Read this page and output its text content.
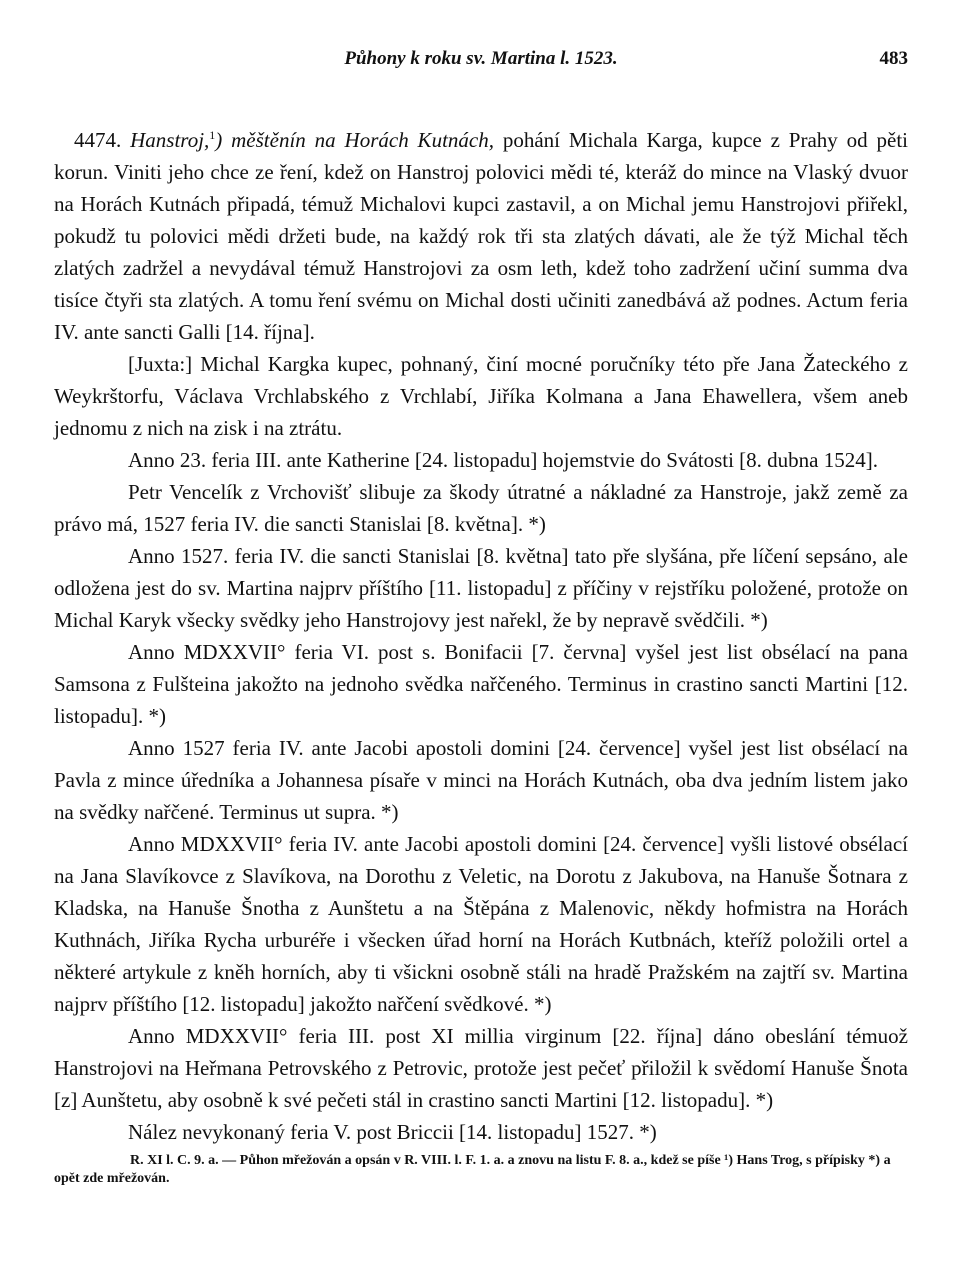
Půhony k roku sv. Martina l. 1523.	483

4474. Hanstroj,$^1$) měštěnín na Horách Kutnách, pohání Michala Karga, kupce z Prahy od pěti korun. Viniti jeho chce ze ření, kdež on Hanstroj polovici mědi té, kteráž do mince na Vlaský dvuor na Horách Kutnách připadá, témuž Michalovi kupci zastavil, a on Michal jemu Hanstrojovi přiřekl, pokudž tu polovici mědi držeti bude, na každý rok tři sta zlatých dávati, ale že týž Michal těch zlatých zadržel a nevydával témuž Hanstrojovi za osm leth, kdež toho zadržení učiní summa dva tisíce čtyři sta zlatých. A tomu ření svému on Michal dosti učiniti zanedbává až podnes. Actum feria IV. ante sancti Galli [14. října].

[Juxta:] Michal Kargka kupec, pohnaný, činí mocné poručníky této pře Jana Žateckého z Weykrštorfu, Václava Vrchlabského z Vrchlabí, Jiříka Kolmana a Jana Ehawellera, všem aneb jednomu z nich na zisk i na ztrátu.

Anno 23. feria III. ante Katherine [24. listopadu] hojemstvie do Svátosti [8. dubna 1524].

Petr Vencelík z Vrchovišť slibuje za škody útratné a nákladné za Hanstroje, jakž země za právo má, 1527 feria IV. die sancti Stanislai [8. května]. *)

Anno 1527. feria IV. die sancti Stanislai [8. května] tato pře slyšána, pře líčení sepsáno, ale odložena jest do sv. Martina najprv příštího [11. listopadu] z příčiny v rejstříku položené, protože on Michal Karyk všecky svědky jeho Hanstrojovy jest nařekl, že by nepravě svědčili. *)

Anno MDXXVII° feria VI. post s. Bonifacii [7. června] vyšel jest list obsélací na pana Samsona z Fulšteina jakožto na jednoho svědka nařčeného. Terminus in crastino sancti Martini [12. listopadu]. *)

Anno 1527 feria IV. ante Jacobi apostoli domini [24. července] vyšel jest list obsélací na Pavla z mince úředníka a Johannesa písaře v minci na Horách Kutnách, oba dva jedním listem jako na svědky nařčené. Terminus ut supra. *)

Anno MDXXVII° feria IV. ante Jacobi apostoli domini [24. července] vyšli listové obsélací na Jana Slavíkovce z Slavíkova, na Dorothu z Veletic, na Dorotu z Jakubova, na Hanuše Šotnara z Kladska, na Hanuše Šnotha z Aunštetu a na Štěpána z Malenovic, někdy hofmistra na Horách Kuthnách, Jiříka Rycha urburéře i všecken úřad horní na Horách Kutbnách, kteříž položili ortel a některé artykule z kněh horních, aby ti všickni osobně stáli na hradě Pražském na zajtří sv. Martina najprv příštího [12. listopadu] jakožto nařčení svědkové. *)

Anno MDXXVII° feria III. post XI millia virginum [22. října] dáno obeslání témuož Hanstrojovi na Heřmana Petrovského z Petrovic, protože jest pečeť přiložil k svědomí Hanuše Šnota [z] Aunštetu, aby osobně k své pečeti stál in crastino sancti Martini [12. listopadu]. *)

Nález nevykonaný feria V. post Briccii [14. listopadu] 1527. *)

R. XI l. C. 9. a. — Půhon mřežován a opsán v R. VIII. l. F. 1. a. a znovu na listu F. 8. a., kdež se píše ¹) Hans Trog, s přípisky *) a opět zde mřežován.
